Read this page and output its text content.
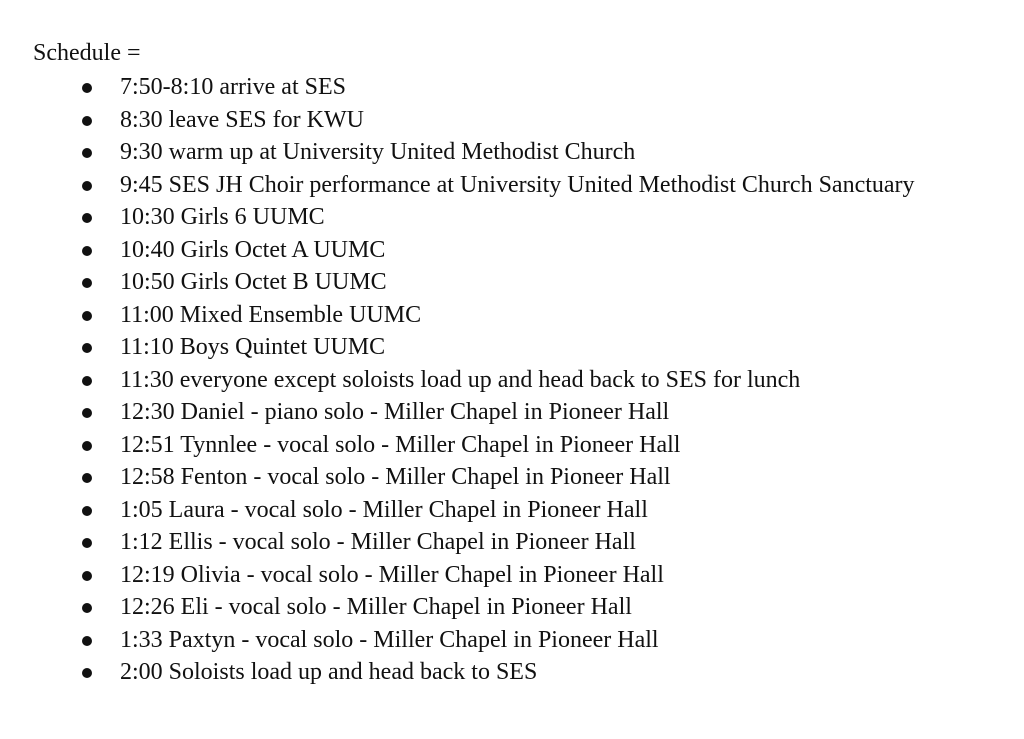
Schedule =
7:50-8:10 arrive at SES
8:30 leave SES for KWU
9:30 warm up at University United Methodist Church
9:45 SES JH Choir performance at University United Methodist Church Sanctuary
10:30 Girls 6 UUMC
10:40 Girls Octet A UUMC
10:50 Girls Octet B UUMC
11:00 Mixed Ensemble UUMC
11:10 Boys Quintet UUMC
11:30 everyone except soloists load up and head back to SES for lunch
12:30 Daniel - piano solo - Miller Chapel in Pioneer Hall
12:51 Tynnlee - vocal solo - Miller Chapel in Pioneer Hall
12:58 Fenton - vocal solo - Miller Chapel in Pioneer Hall
1:05 Laura - vocal solo - Miller Chapel in Pioneer Hall
1:12 Ellis - vocal solo - Miller Chapel in Pioneer Hall
12:19 Olivia - vocal solo - Miller Chapel in Pioneer Hall
12:26 Eli - vocal solo - Miller Chapel in Pioneer Hall
1:33 Paxtyn - vocal solo - Miller Chapel in Pioneer Hall
2:00 Soloists load up and head back to SES
